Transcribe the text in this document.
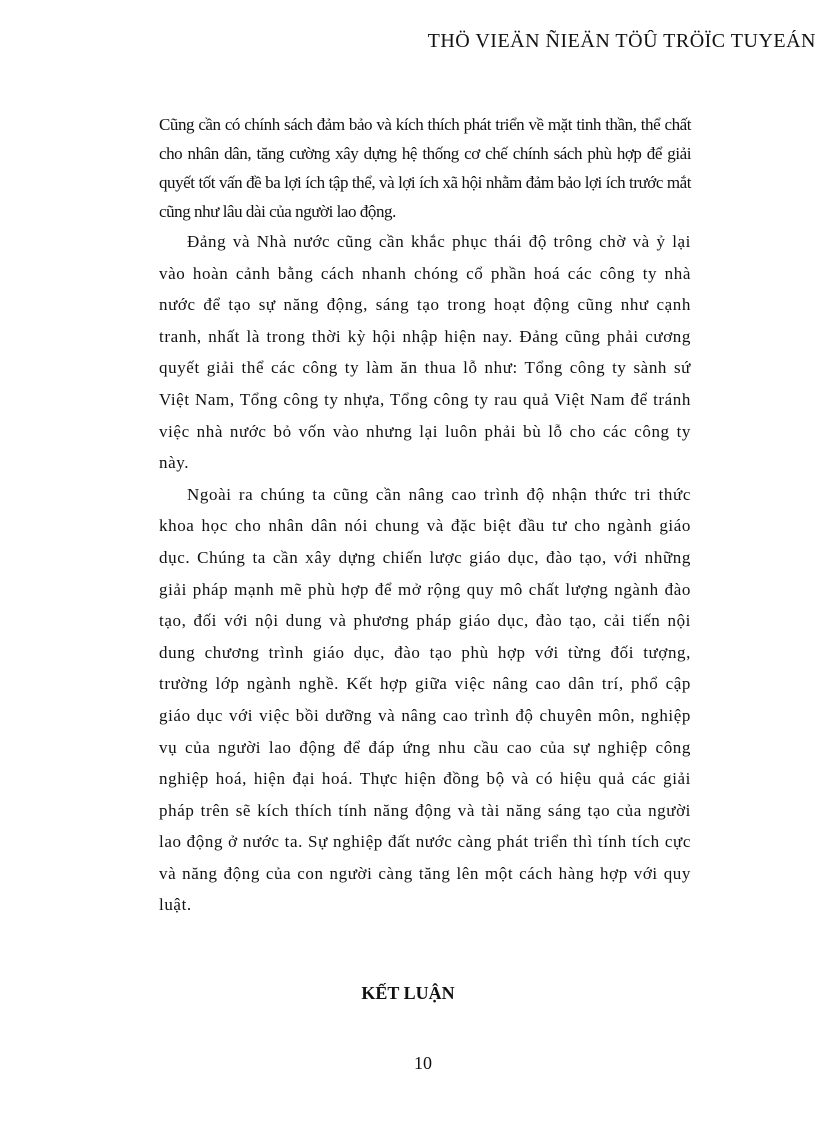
THÖ VIEÄN ÑIEÄN TÖÛ TRÖÏC TUYEÁN

Cũng cần có chính sách đảm bảo và kích thích phát triển về mặt tinh thần, thể chất cho nhân dân, tăng cường xây dựng hệ thống cơ chế chính sách phù hợp để giải quyết tốt vấn đề ba lợi ích tập thể, và lợi ích xã hội nhằm đảm bảo lợi ích trước mắt cũng như lâu dài của người lao động.

Đảng và Nhà nước cũng cần khắc phục thái độ trông chờ và ỷ lại vào hoàn cảnh bằng cách nhanh chóng cổ phần hoá các công ty nhà nước để tạo sự năng động, sáng tạo trong hoạt động cũng như cạnh tranh, nhất là trong thời kỳ hội nhập hiện nay. Đảng cũng phải cương quyết giải thể các công ty làm ăn thua lỗ như: Tổng công ty sành sứ Việt Nam, Tổng công ty nhựa, Tổng công ty rau quả Việt Nam để tránh việc nhà nước bỏ vốn vào nhưng lại luôn phải bù lỗ cho các công ty này.

Ngoài ra chúng ta cũng cần nâng cao trình độ nhận thức tri thức khoa học cho nhân dân nói chung và đặc biệt đầu tư cho ngành giáo dục. Chúng ta cần xây dựng chiến lược giáo dục, đào tạo, với những giải pháp mạnh mẽ phù hợp để mở rộng quy mô chất lượng ngành đào tạo, đối với nội dung và phương pháp giáo dục, đào tạo, cải tiến nội dung chương trình giáo dục, đào tạo phù hợp với từng đối tượng, trường lớp ngành nghề. Kết hợp giữa việc nâng cao dân trí, phổ cập giáo dục với việc bồi dưỡng và nâng cao trình độ chuyên môn, nghiệp vụ của người lao động để đáp ứng nhu cầu cao của sự nghiệp công nghiệp hoá, hiện đại hoá. Thực hiện đồng bộ và có hiệu quả các giải pháp trên sẽ kích thích tính năng động và tài năng sáng tạo của người lao động ở nước ta. Sự nghiệp đất nước càng phát triển thì tính tích cực và năng động của con người càng tăng lên một cách hàng hợp với quy luật.

KẾT LUẬN
10
